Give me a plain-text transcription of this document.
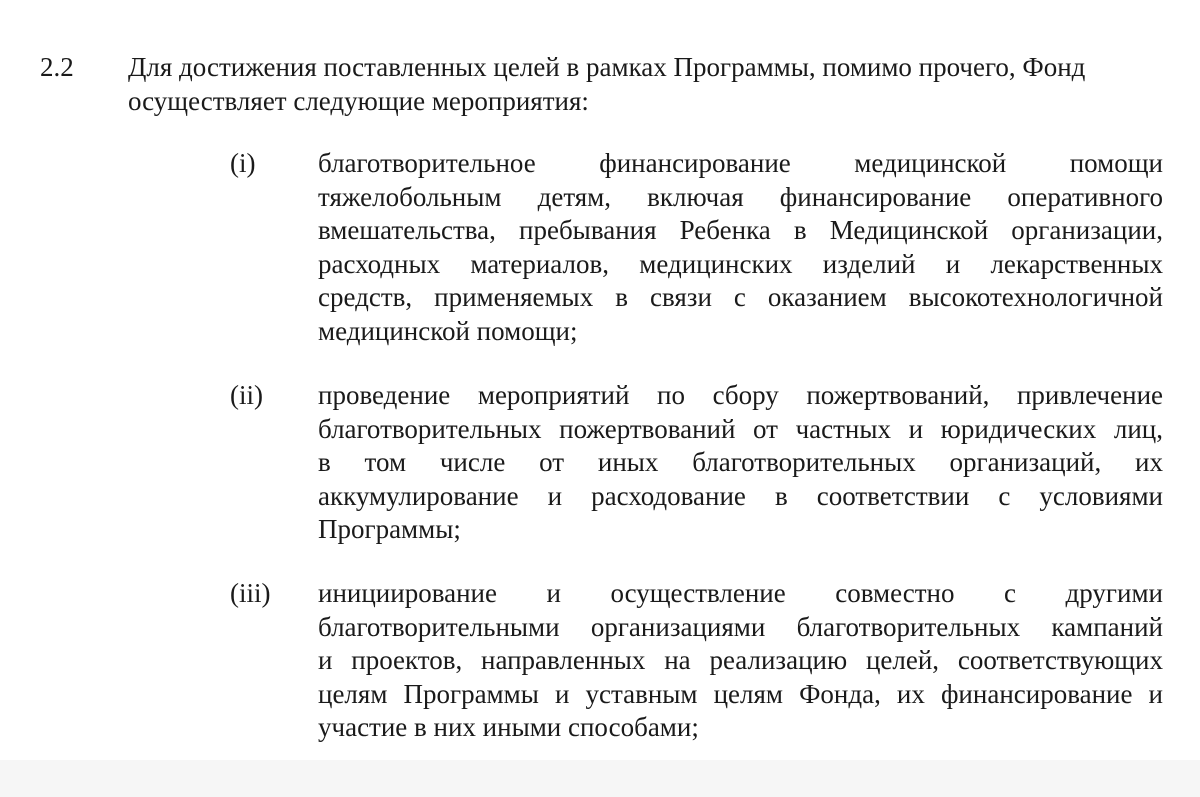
2.2 Для достижения поставленных целей в рамках Программы, помимо прочего, Фонд
осуществляет следующие мероприятия:
(i) благотворительное финансирование медицинской помощи
тяжелобольным детям, включая финансирование оперативного
вмешательства, пребывания Ребенка в Медицинской организации,
расходных материалов, медицинских изделий и лекарственных
средств, применяемых в связи с оказанием высокотехнологичной
медицинской помощи;
(ii) проведение мероприятий по сбору пожертвований, привлечение
благотворительных пожертвований от частных и юридических лиц,
в том числе от иных благотворительных организаций, их
аккумулирование и расходование в соответствии с условиями
Программы;
(iii) инициирование и осуществление совместно с другими
благотворительными организациями благотворительных кампаний
и проектов, направленных на реализацию целей, соответствующих
целям Программы и уставным целям Фонда, их финансирование и
участие в них иными способами;
